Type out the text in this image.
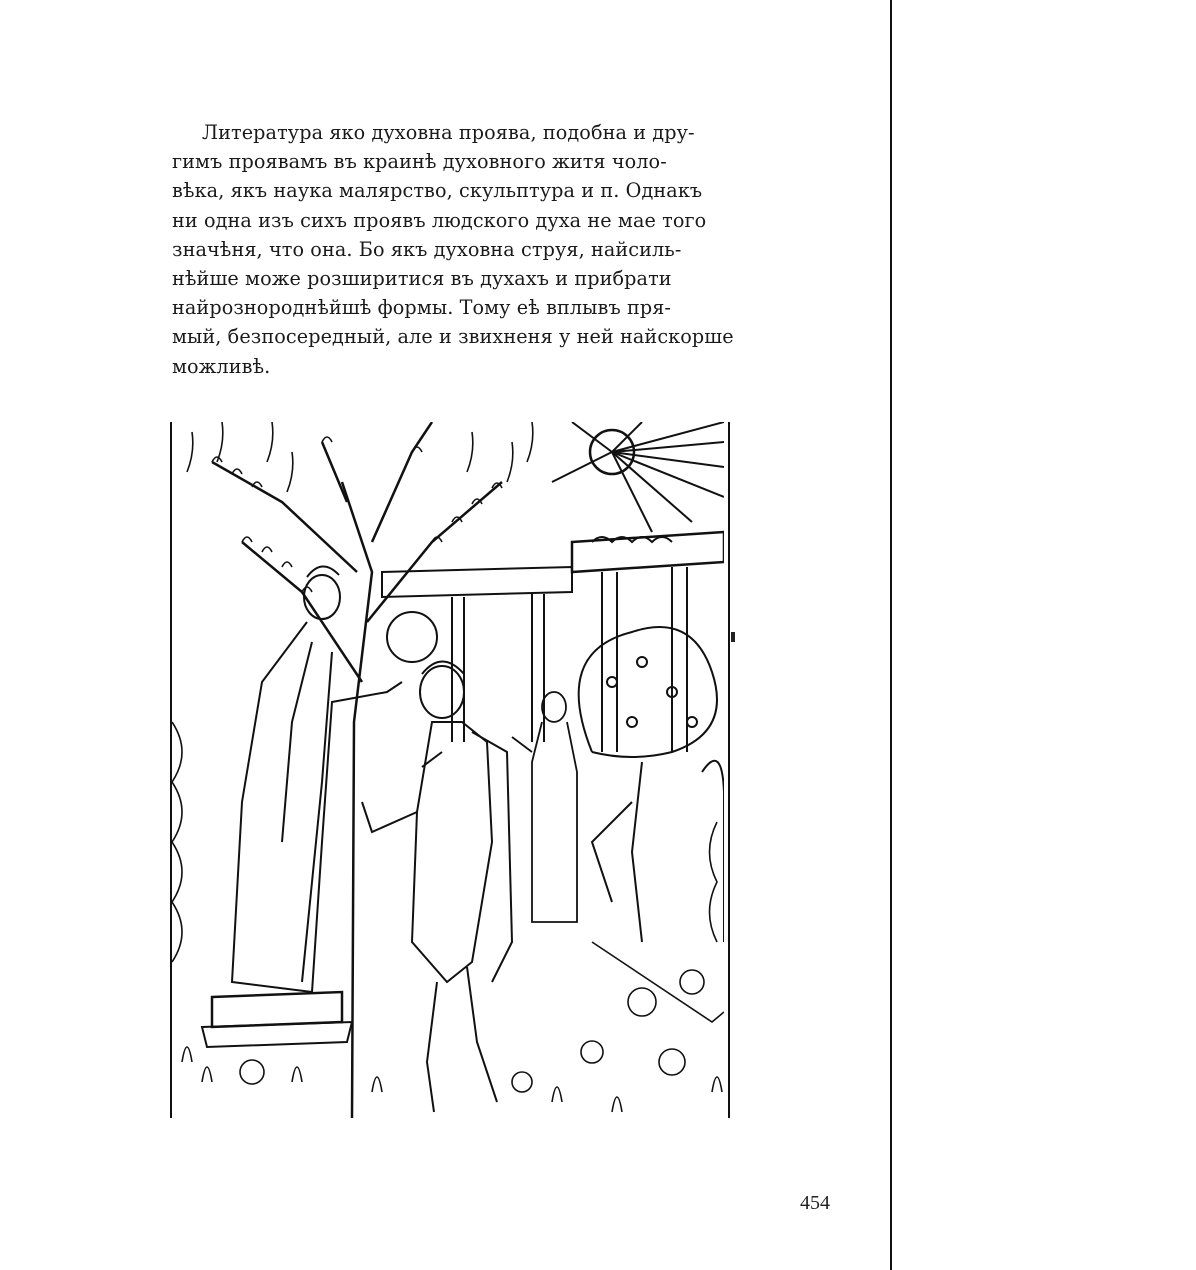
Литература яко духовна проява, подобна и дру-
гимъ проявамъ въ краинѣ духовного житя чоло-
вѣка, якъ наука малярство, скульптура и п. Однакъ
ни одна изъ сихъ проявъ людского духа не мае того
значѣня, что она. Бо якъ духовна струя, найсиль-
нѣйше може розширитися въ духахъ и прибрати
найрознороднѣйшѣ формы. Тому еѣ вплывъ пря-
мый, безпосередный, але и звихненя у ней найскорше
можливѣ.
454
